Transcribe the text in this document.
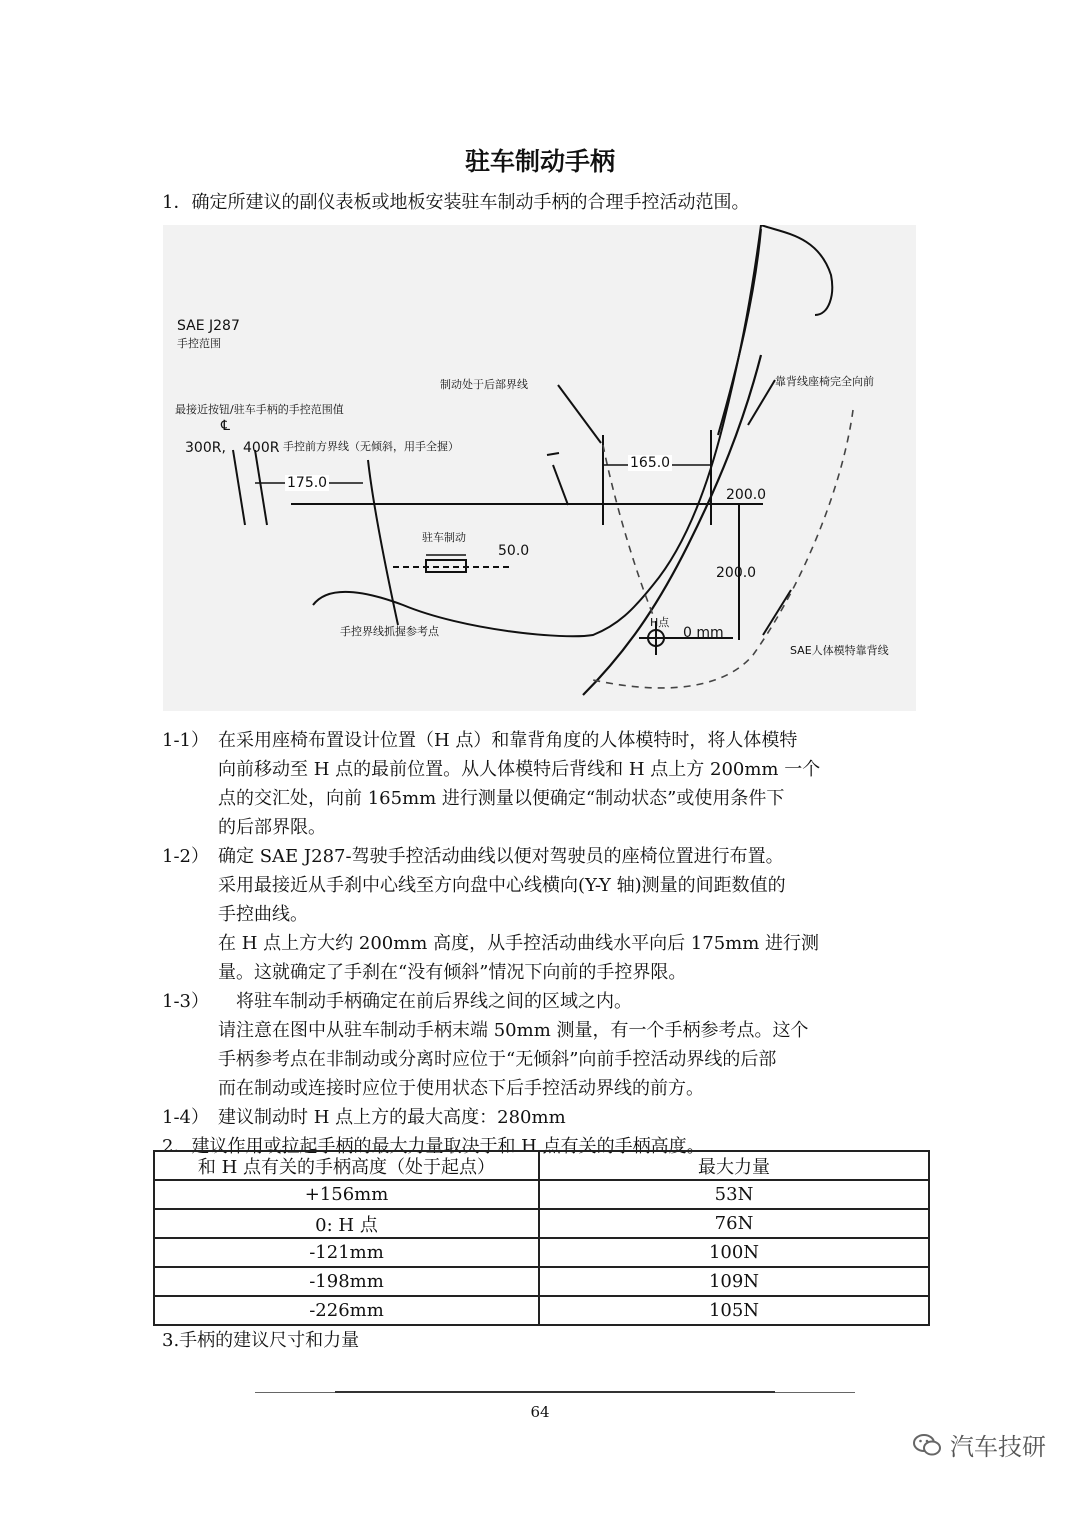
驻车制动手柄
1．确定所建议的副仪表板或地板安装驻车制动手柄的合理手控活动范围。
SAE J287
手控范围
最接近按钮/驻车手柄的手控范围值
℄
300R, 400R 手控前方界线（无倾斜，用手全握）
制动处于后部界线	靠背线座椅完全向前
175.0
165.0
200.0
200.0
驻车制动
50.0
手控界线抓握参考点
H点
0 mm
SAE人体模特靠背线
1-1） 在采用座椅布置设计位置（H 点）和靠背角度的人体模特时，将人体模特
向前移动至 H 点的最前位置。从人体模特后背线和 H 点上方 200mm 一个
点的交汇处，向前 165mm 进行测量以便确定“制动状态”或使用条件下
的后部界限。
1-2） 确定 SAE J287-驾驶手控活动曲线以便对驾驶员的座椅位置进行布置。
采用最接近从手刹中心线至方向盘中心线横向(Y-Y 轴)测量的间距数值的
手控曲线。
在 H 点上方大约 200mm 高度，从手控活动曲线水平向后 175mm 进行测
量。这就确定了手刹在“没有倾斜”情况下向前的手控界限。
1-3） 　将驻车制动手柄确定在前后界线之间的区域之内。
请注意在图中从驻车制动手柄末端 50mm 测量，有一个手柄参考点。这个
手柄参考点在非制动或分离时应位于“无倾斜”向前手控活动界线的后部
而在制动或连接时应位于使用状态下后手控活动界线的前方。
1-4） 建议制动时 H 点上方的最大高度：280mm
2．建议作用或拉起手柄的最大力量取决于和 H 点有关的手柄高度。
和 H 点有关的手柄高度（处于起点）	最大力量
+156mm	53N
0: H 点	76N
-121mm	100N
-198mm	109N
-226mm	105N
3.手柄的建议尺寸和力量
64
汽车技研
